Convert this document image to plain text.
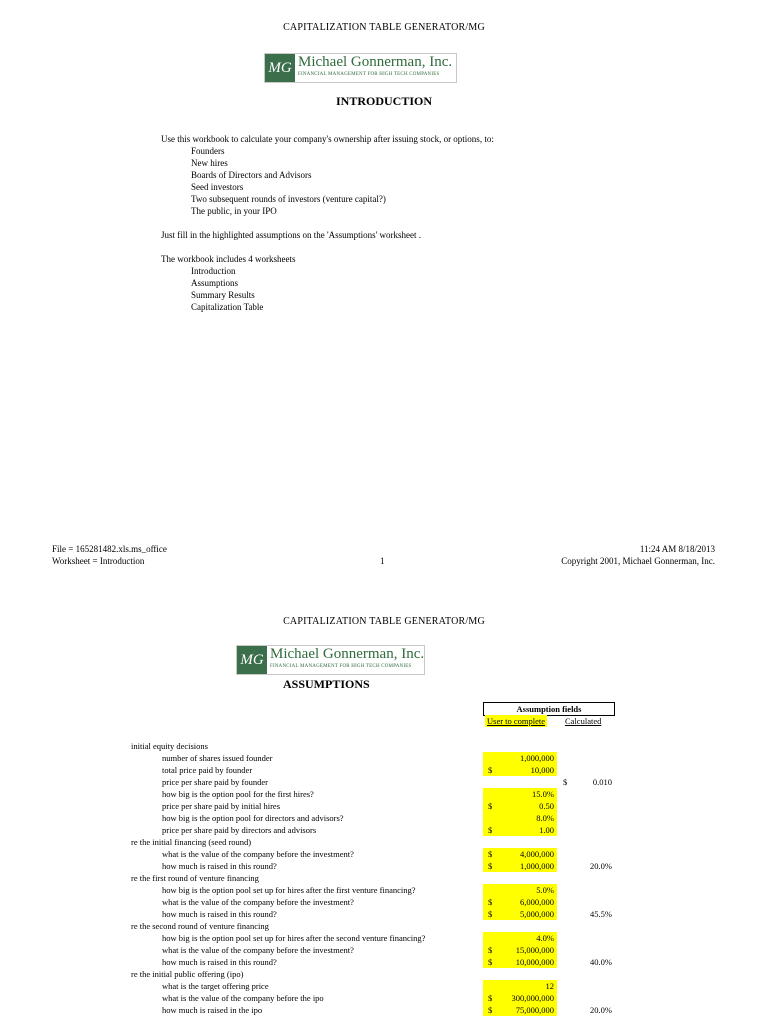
CAPITALIZATION TABLE GENERATOR/MG
MG Michael Gonnerman, Inc.
FINANCIAL MANAGEMENT FOR HIGH TECH COMPANIES
INTRODUCTION
Use this workbook to calculate your company's ownership after issuing stock, or options, to:
Founders
New hires
Boards of Directors and Advisors
Seed investors
Two subsequent rounds of investors (venture capital?)
The public, in your IPO
Just fill in the highlighted assumptions on the 'Assumptions' worksheet .
The workbook includes 4 worksheets
Introduction
Assumptions
Summary Results
Capitalization Table
File = 165281482.xls.ms_office
Worksheet = Introduction	1
11:24 AM 8/18/2013
Copyright 2001, Michael Gonnerman, Inc.
CAPITALIZATION TABLE GENERATOR/MG
MG Michael Gonnerman, Inc.
FINANCIAL MANAGEMENT FOR HIGH TECH COMPANIES
ASSUMPTIONS
Assumption fields
User to complete Calculated
initial equity decisions
number of shares issued founder	1,000,000
total price paid by founder	$	10,000
price per share paid by founder	$	0.010
how big is the option pool for the first hires?	15.0%
price per share paid by initial hires	$	0.50
how big is the option pool for directors and advisors?	8.0%
price per share paid by directors and advisors	$	1.00
re the initial financing (seed round)
what is the value of the company before the investment?	$	4,000,000
how much is raised in this round?	$	1,000,000	20.0%
re the first round of venture financing
how big is the option pool set up for hires after the first venture financing?	5.0%
what is the value of the company before the investment?	$	6,000,000
how much is raised in this round?	$	5,000,000	45.5%
re the second round of venture financing
how big is the option pool set up for hires after the second venture financing?	4.0%
what is the value of the company before the investment?	$	15,000,000
how much is raised in this round?	$	10,000,000	40.0%
re the initial public offering (ipo)
what is the target offering price	12
what is the value of the company before the ipo	$	300,000,000
how much is raised in the ipo	$	75,000,000	20.0%
